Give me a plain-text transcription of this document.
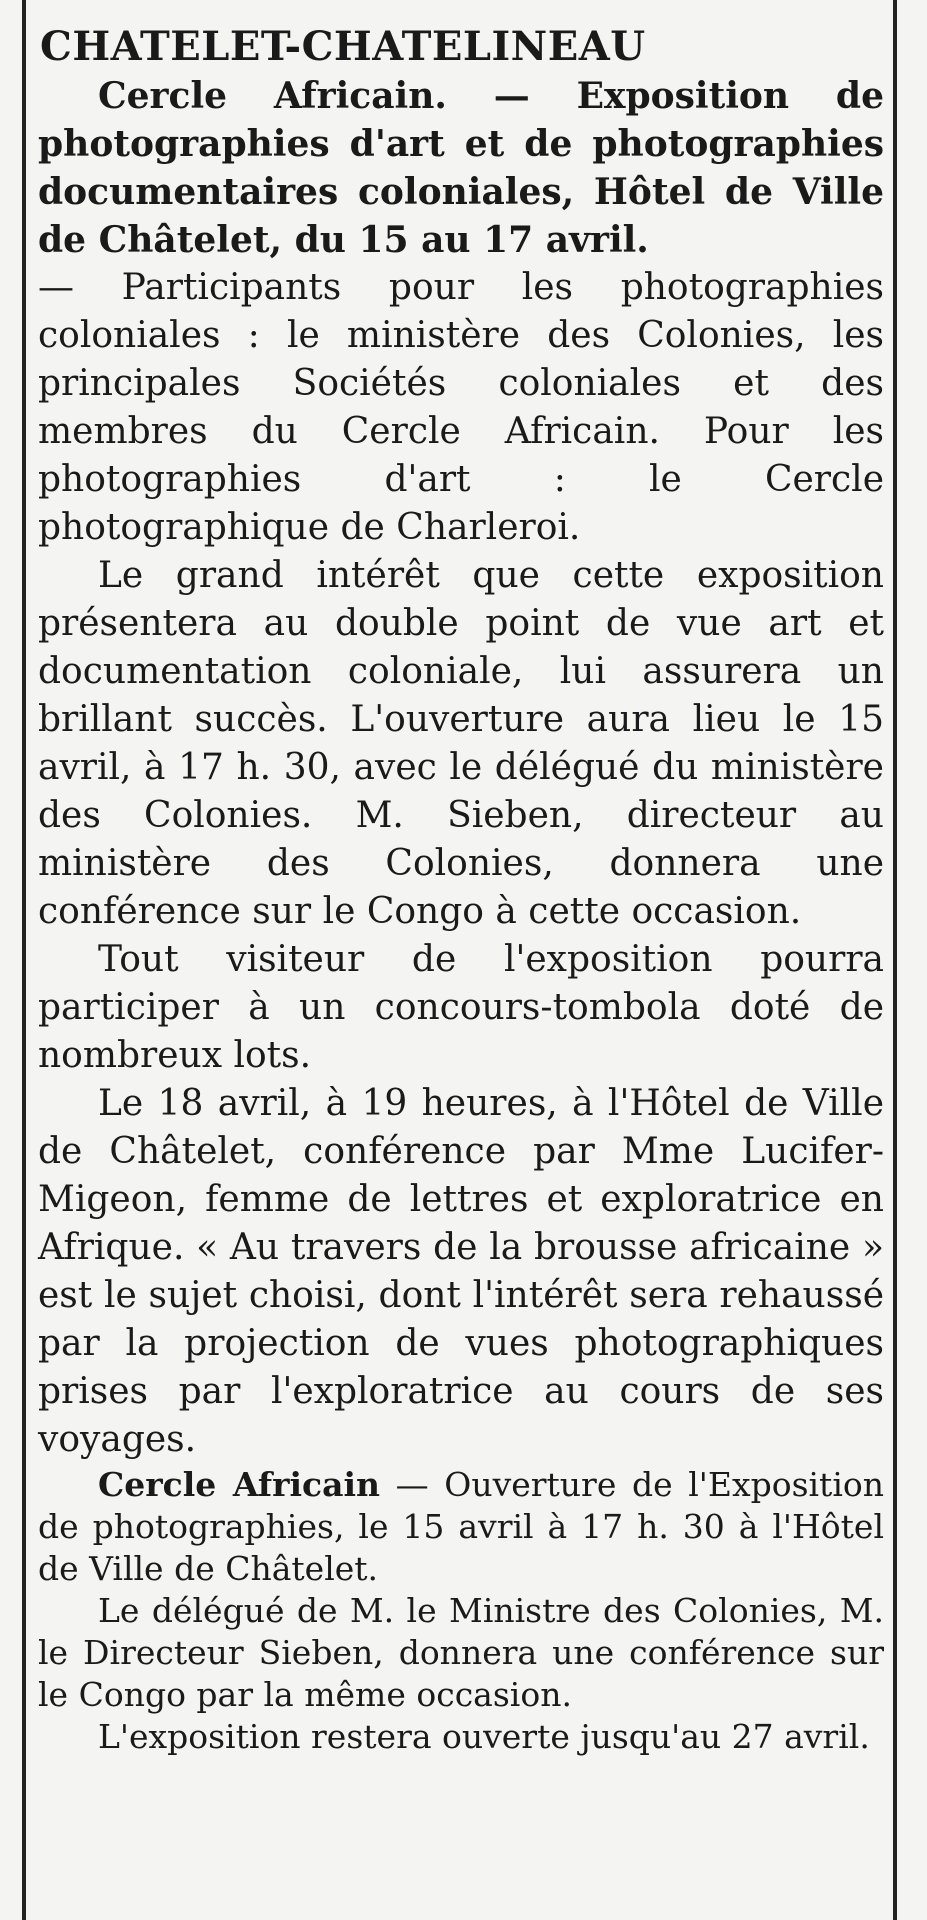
CHATELET-CHATELINEAU

Cercle Africain. — Exposition de photographies d'art et de photographies documentaires coloniales, Hôtel de Ville de Châtelet, du 15 au 17 avril.

— Participants pour les photographies coloniales : le ministère des Colonies, les principales Sociétés coloniales et des membres du Cercle Africain. Pour les photographies d'art : le Cercle photographique de Charleroi.

Le grand intérêt que cette exposition présentera au double point de vue art et documentation coloniale, lui assurera un brillant succès. L'ouverture aura lieu le 15 avril, à 17 h. 30, avec le délégué du ministère des Colonies. M. Sieben, directeur au ministère des Colonies, donnera une conférence sur le Congo à cette occasion.

Tout visiteur de l'exposition pourra participer à un concours-tombola doté de nombreux lots.

Le 18 avril, à 19 heures, à l'Hôtel de Ville de Châtelet, conférence par Mme Lucifer-Migeon, femme de lettres et exploratrice en Afrique. « Au travers de la brousse africaine » est le sujet choisi, dont l'intérêt sera rehaussé par la projection de vues photographiques prises par l'exploratrice au cours de ses voyages.

Cercle Africain — Ouverture de l'Exposition de photographies, le 15 avril à 17 h. 30 à l'Hôtel de Ville de Châtelet.

Le délégué de M. le Ministre des Colonies, M. le Directeur Sieben, donnera une conférence sur le Congo par la même occasion.

L'exposition restera ouverte jusqu'au 27 avril.
